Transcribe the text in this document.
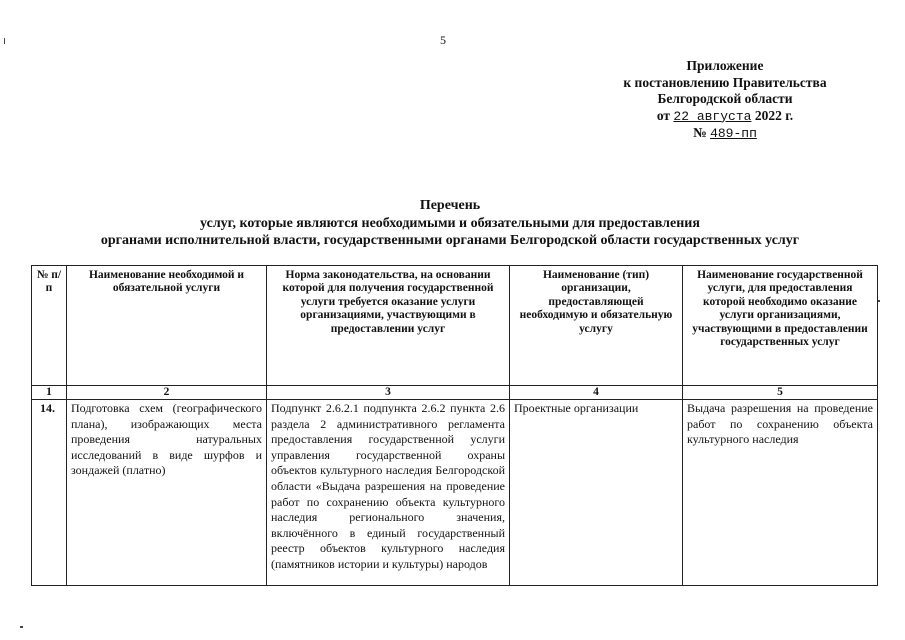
5
Приложение
к постановлению Правительства
Белгородской области
от 22 августа 2022 г.
№ 489-пп
Перечень
услуг, которые являются необходимыми и обязательными для предоставления
органами исполнительной власти, государственными органами Белгородской области государственных услуг
№ п/п	Наименование необходимой и обязательной услуги	Норма законодательства, на основании которой для получения государственной услуги требуется оказание услуги организациями, участвующими в предоставлении услуг	Наименование (тип) организации, предоставляющей необходимую и обязательную услугу	Наименование государственной услуги, для предоставления которой необходимо оказание услуги организациями, участвующими в предоставлении государственных услуг
1	2	3	4	5
14.	Подготовка схем (географического плана), изображающих места проведения натуральных исследований в виде шурфов и зондажей (платно)	Подпункт 2.6.2.1 подпункта 2.6.2 пункта 2.6 раздела 2 административного регламента предоставления государственной услуги управления государственной охраны объектов культурного наследия Белгородской области «Выдача разрешения на проведение работ по сохранению объекта культурного наследия регионального значения, включённого в единый государственный реестр объектов культурного наследия (памятников истории и культуры) народов	Проектные организации	Выдача разрешения на проведение работ по сохранению объекта культурного наследия
